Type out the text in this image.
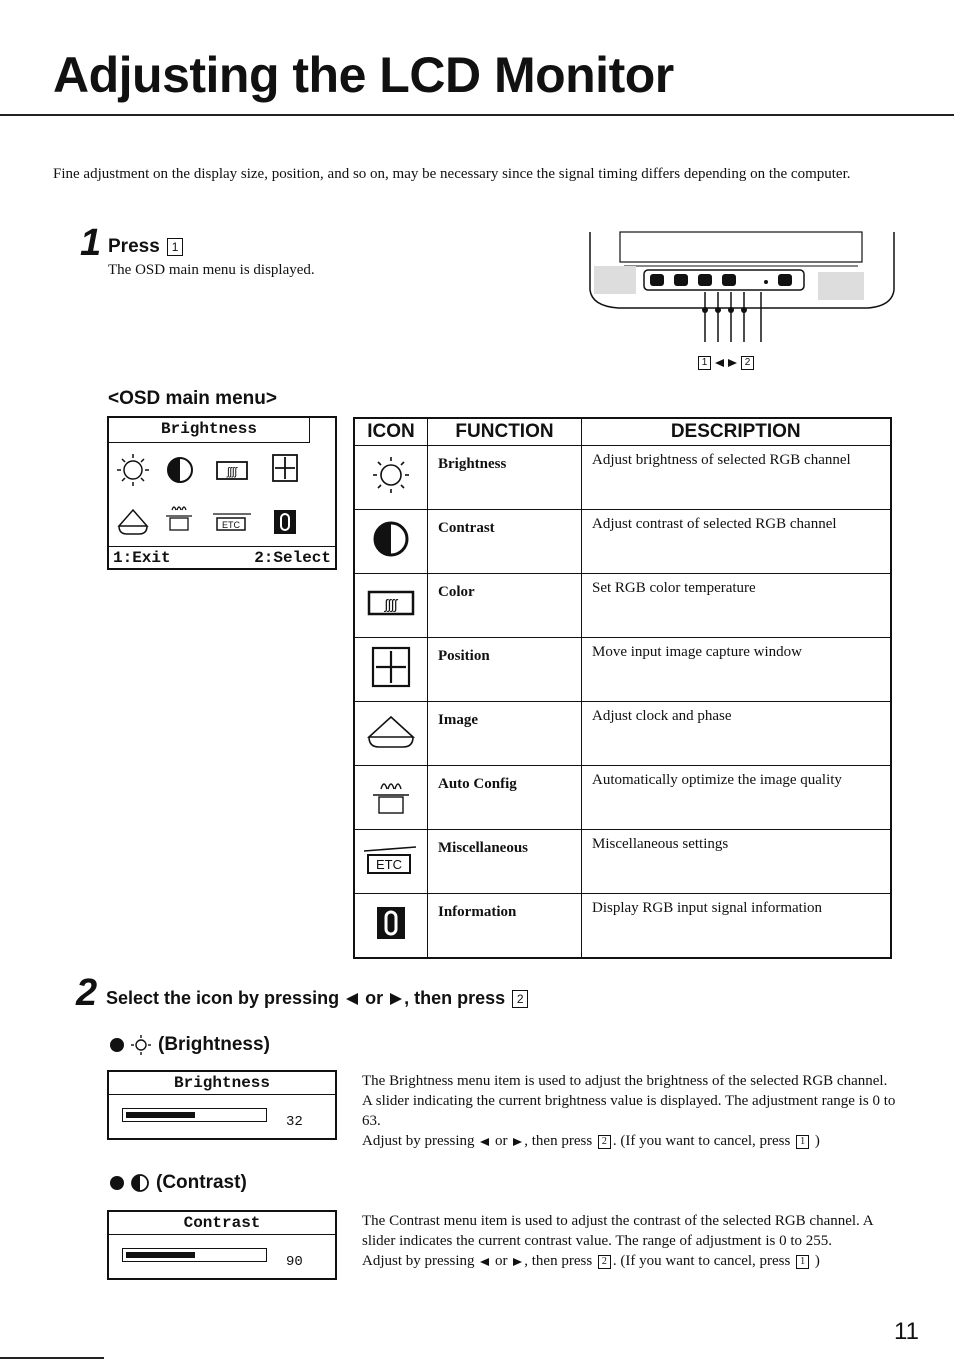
Adjusting the LCD Monitor
Fine adjustment on the display size, position, and so on, may be necessary since the signal timing differs depending on the computer.
1 Press 1
The OSD main menu is displayed.
1	2
<OSD main menu>
Brightness
ʃʃʃʃ
ETC
1:Exit	2:Select
ICON	FUNCTION	DESCRIPTION
	Brightness	Adjust brightness of selected RGB channel
	Contrast	Adjust contrast of selected RGB channel

ʃʃʃʃ	Color	Set RGB color temperature
	Position	Move input image capture window
	Image	Adjust clock and phase
	Auto Config	Automatically optimize the image quality

ETC	Miscellaneous	Miscellaneous settings
	Information	Display RGB input signal information
2 Select the icon by pressing or , then press 2
(Brightness)
Brightness
32
The Brightness menu item is used to adjust the brightness of the selected RGB channel. A slider indicating the current brightness value is displayed. The adjustment range is 0 to 63.
Adjust by pressing or , then press 2 . (If you want to cancel, press 1 )
(Contrast)
Contrast
90
The Contrast menu item is used to adjust the contrast of the selected RGB channel. A slider indicates the current contrast value. The range of adjustment is 0 to 255.
Adjust by pressing or , then press 2 . (If you want to cancel, press 1 )
11
